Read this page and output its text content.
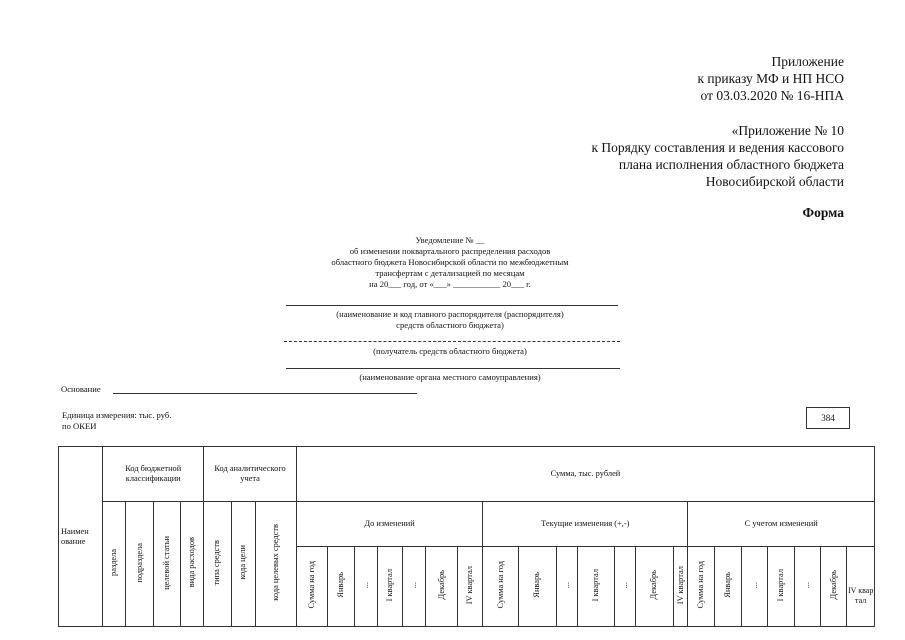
Приложение
к приказу МФ и НП НСО
от 03.03.2020 № 16-НПА
«Приложение № 10
к Порядку составления и ведения кассового
плана исполнения областного бюджета
Новосибирской области
Форма
Уведомление № __
об изменении поквартального распределения расходов
областного бюджета Новосибирской области по межбюджетным
трансфертам с детализацией по месяцам
на 20___ год, от «___» ___________ 20___ г.
(наименование и код главного распорядителя (распорядителя)
средств областного бюджета)
(получатель средств областного бюджета)
(наименование органа местного самоуправления)
Основание
Единица измерения: тыс. руб.
по ОКЕИ
384
Наимен ование	Код бюджетной классификации				Код аналитического учета			Сумма, тыс. рублей																				
	раздела	подраздела	целевой статьи	вида расходов	типа средств	кода цели	кода целевых средств	До изменений							Текущие изменения (+,-)							С учетом изменений						
								Сумма на год	Январь	...	I квартал	...	Декабрь	IV квартал	Сумма на год	Январь	...	I квартал	...	Декабрь	IV квартал	Сумма на год	Январь	...	I квартал	...	Декабрь	IV квар тал
